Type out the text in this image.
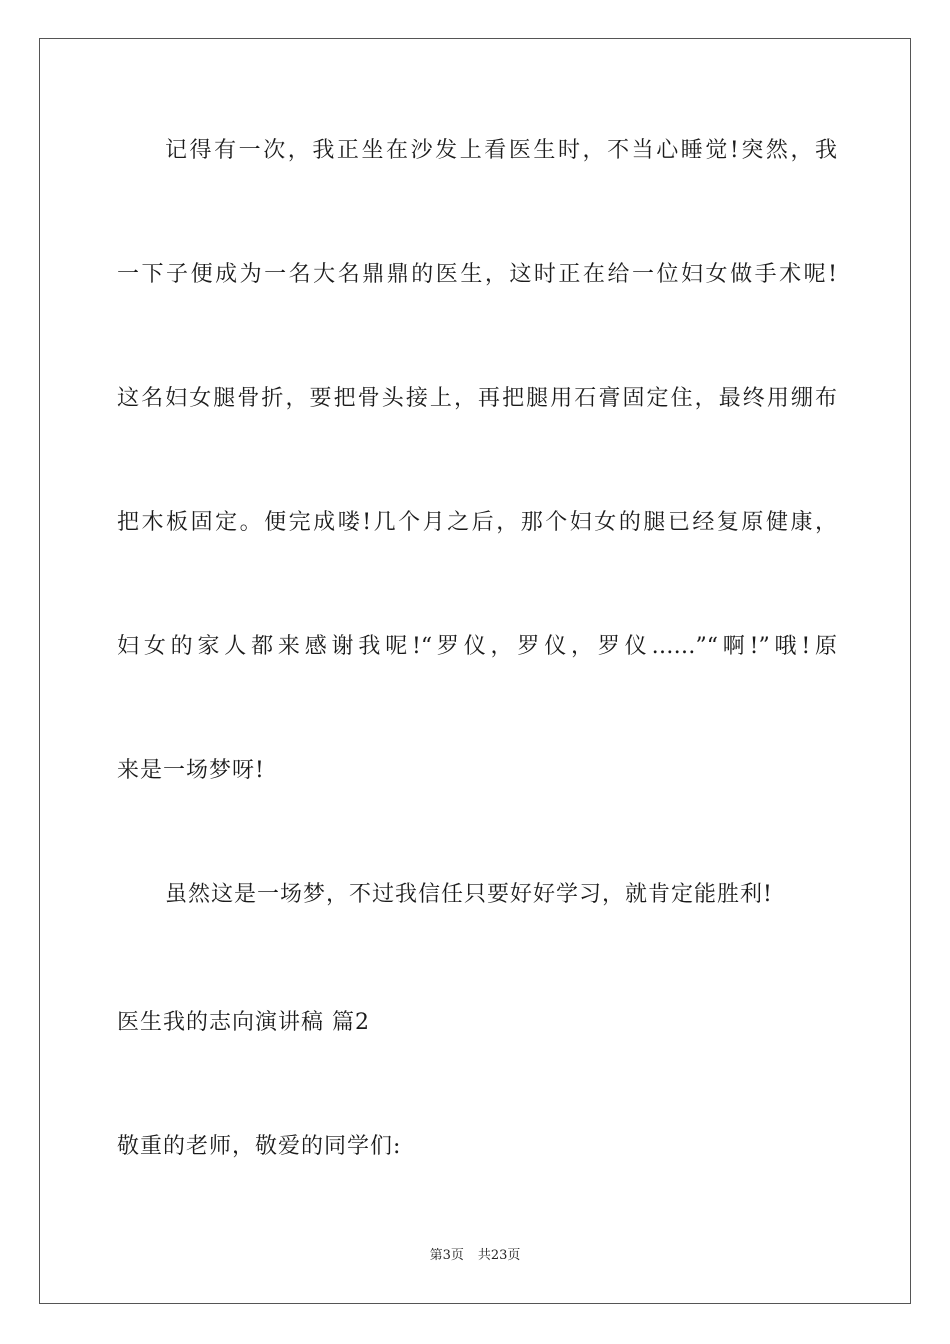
记得有一次，我正坐在沙发上看医生时，不当心睡觉!突然，我
一下子便成为一名大名鼎鼎的医生，这时正在给一位妇女做手术呢!
这名妇女腿骨折，要把骨头接上，再把腿用石膏固定住，最终用绷布
把木板固定。便完成喽!几个月之后，那个妇女的腿已经复原健康，
妇女的家人都来感谢我呢!“罗仪，罗仪，罗仪……”“啊!”哦!原
来是一场梦呀!
虽然这是一场梦，不过我信任只要好好学习，就肯定能胜利!
医生我的志向演讲稿 篇2
敬重的老师，敬爱的同学们:
第3页 共23页
